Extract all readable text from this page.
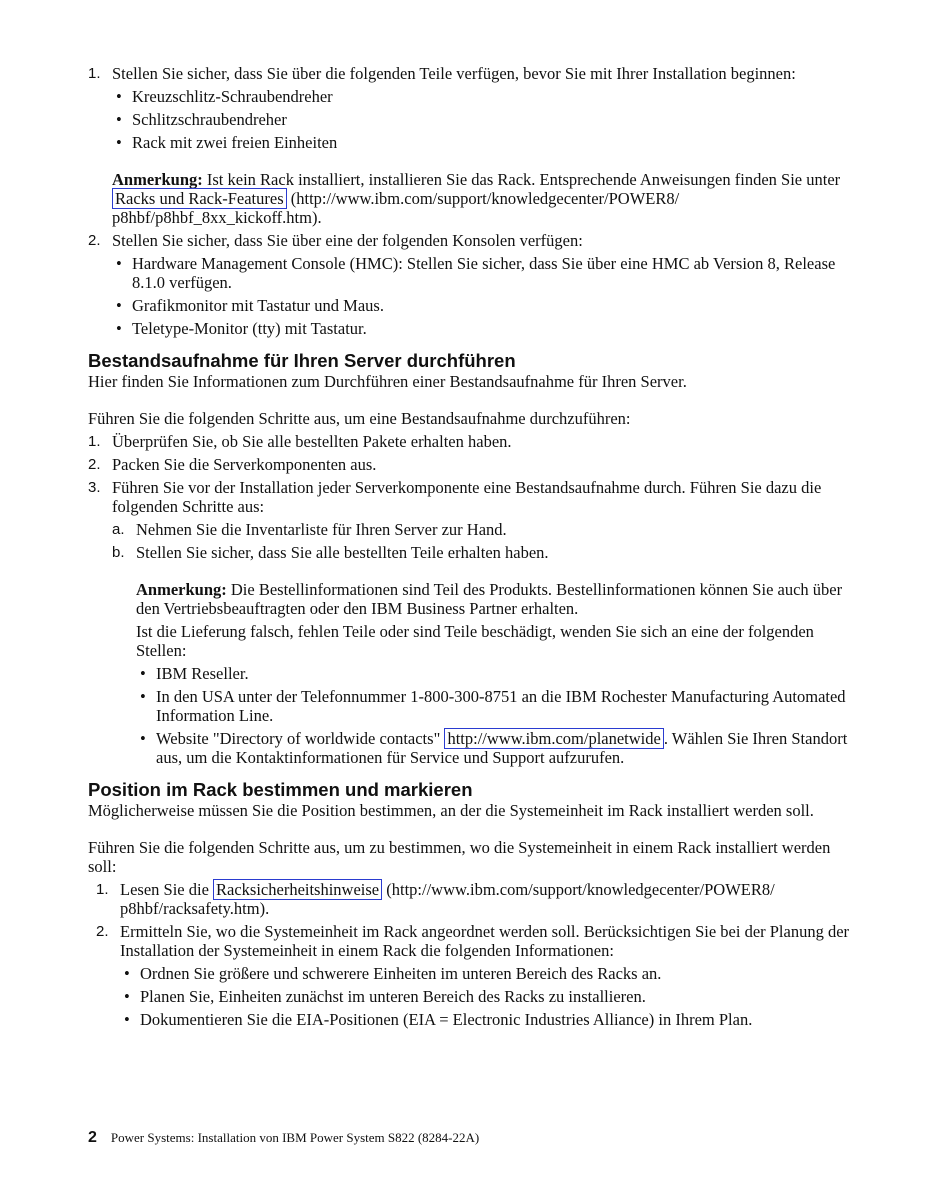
1. Stellen Sie sicher, dass Sie über die folgenden Teile verfügen, bevor Sie mit Ihrer Installation beginnen:

• Kreuzschlitz-Schraubendreher
• Schlitzschraubendreher
• Rack mit zwei freien Einheiten

Anmerkung: Ist kein Rack installiert, installieren Sie das Rack. Entsprechende Anweisungen finden Sie unter Racks und Rack-Features (http://www.ibm.com/support/knowledgecenter/POWER8/ p8hbf/p8hbf_8xx_kickoff.htm).

2. Stellen Sie sicher, dass Sie über eine der folgenden Konsolen verfügen:

• Hardware Management Console (HMC): Stellen Sie sicher, dass Sie über eine HMC ab Version 8, Release 8.1.0 verfügen.
• Grafikmonitor mit Tastatur und Maus.
• Teletype-Monitor (tty) mit Tastatur.
Bestandsaufnahme für Ihren Server durchführen

Hier finden Sie Informationen zum Durchführen einer Bestandsaufnahme für Ihren Server.

Führen Sie die folgenden Schritte aus, um eine Bestandsaufnahme durchzuführen:

1. Überprüfen Sie, ob Sie alle bestellten Pakete erhalten haben.
2. Packen Sie die Serverkomponenten aus.
3. Führen Sie vor der Installation jeder Serverkomponente eine Bestandsaufnahme durch. Führen Sie dazu die folgenden Schritte aus:

a. Nehmen Sie die Inventarliste für Ihren Server zur Hand.
b. Stellen Sie sicher, dass Sie alle bestellten Teile erhalten haben.

Anmerkung: Die Bestellinformationen sind Teil des Produkts. Bestellinformationen können Sie auch über den Vertriebsbeauftragten oder den IBM Business Partner erhalten.

Ist die Lieferung falsch, fehlen Teile oder sind Teile beschädigt, wenden Sie sich an eine der folgenden Stellen:

• IBM Reseller.
• In den USA unter der Telefonnummer 1-800-300-8751 an die IBM Rochester Manufacturing Automated Information Line.
• Website "Directory of worldwide contacts" http://www.ibm.com/planetwide . Wählen Sie Ihren Standort aus, um die Kontaktinformationen für Service und Support aufzurufen.
Position im Rack bestimmen und markieren

Möglicherweise müssen Sie die Position bestimmen, an der die Systemeinheit im Rack installiert werden soll.

Führen Sie die folgenden Schritte aus, um zu bestimmen, wo die Systemeinheit in einem Rack installiert werden soll:

1. Lesen Sie die Racksicherheitshinweise (http://www.ibm.com/support/knowledgecenter/POWER8/ p8hbf/racksafety.htm).
2. Ermitteln Sie, wo die Systemeinheit im Rack angeordnet werden soll. Berücksichtigen Sie bei der Planung der Installation der Systemeinheit in einem Rack die folgenden Informationen:

• Ordnen Sie größere und schwerere Einheiten im unteren Bereich des Racks an.
• Planen Sie, Einheiten zunächst im unteren Bereich des Racks zu installieren.
• Dokumentieren Sie die EIA-Positionen (EIA = Electronic Industries Alliance) in Ihrem Plan.
2 Power Systems: Installation von IBM Power System S822 (8284-22A)
